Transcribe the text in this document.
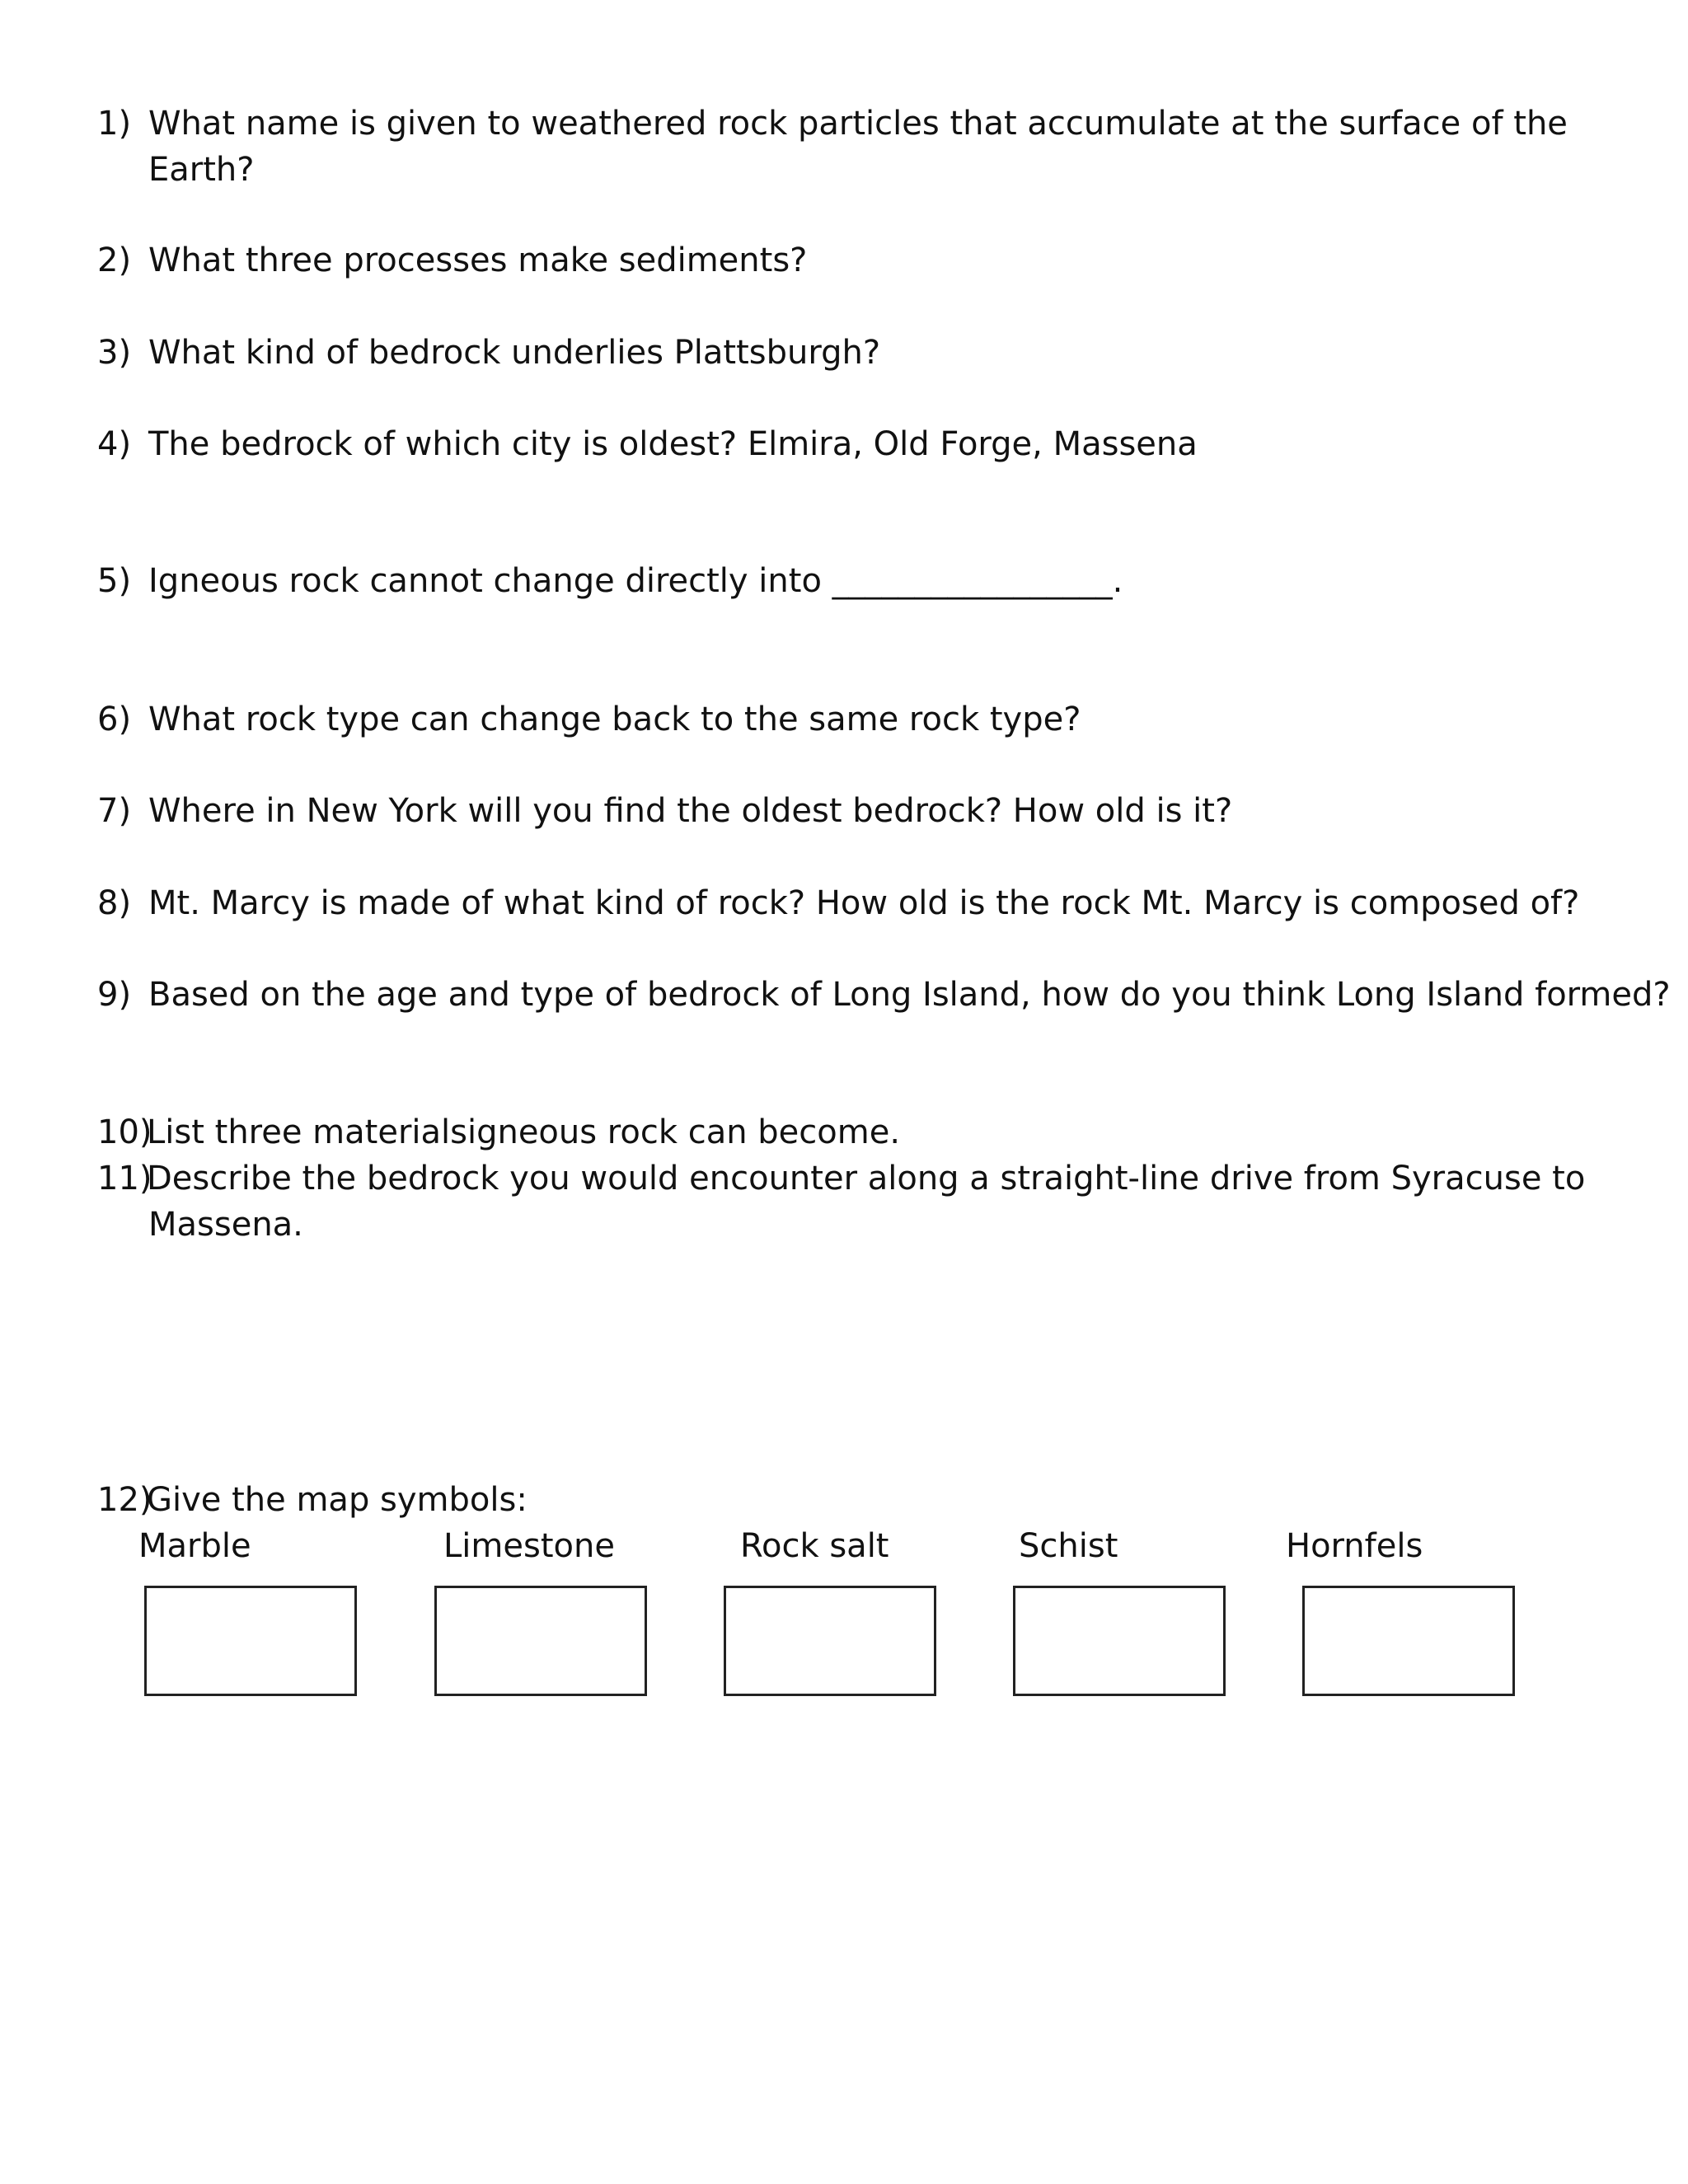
1) What name is given to weathered rock particles that accumulate at the surface of the
Earth?
2) What three processes make sediments?
3) What kind of bedrock underlies Plattsburgh?
4) The bedrock of which city is oldest? Elmira, Old Forge, Massena
5) Igneous rock cannot change directly into _________________.
6) What rock type can change back to the same rock type?
7) Where in New York will you find the oldest bedrock? How old is it?
8) Mt. Marcy is made of what kind of rock? How old is the rock Mt. Marcy is composed of?
9) Based on the age and type of bedrock of Long Island, how do you think Long Island formed?
10)
List three materialsigneous rock can become.
11)
Describe the bedrock you would encounter along a straight-line drive from Syracuse to
Massena.
12)
Give the map symbols:
Marble	Limestone	Rock salt	Schist	Hornfels
